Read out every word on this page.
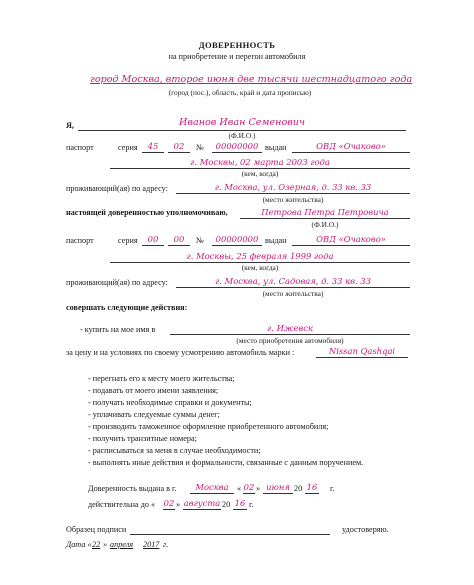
ДОВЕРЕННОСТЬ
на приобретение и перегон автомобиля
город Москва, второе июня две тысячи шестнадцатого года
(город (пос.), область, край и дата прописью)
Я,	Иванов Иван Семенович
(Ф.И.О.)
паспорт	серия	45	02	№	00000000 выдан	ОВД «Очаково»
г. Москвы, 02 марта 2003 года
(кем, когда)
проживающий(ая) по адресу:	г. Москва, ул. Озерная, д. 33 кв. 33
(место жительства)
настоящей доверенностью уполномочиваю,	Петрова Петра Петровича
(Ф.И.О.)
паспорт	серия	00	00	№	00000000 выдан	ОВД «Очаково»
г. Москвы, 25 февраля 1999 года
(кем, когда)
проживающий(ая) по адресу:	г. Москва, ул. Садовая, д. 33 кв. 33
(место жительства)
совершать следующие действия:
- купить на мое имя в	г. Ижевск
(место приобретения автомобиля)
за цену и на условиях по своему усмотрению автомобиль марки :	Nissan Qashqai
- перегнать его к месту моего жительства;
- подавать от моего имени заявления;
- получать необходимые справки и документы;
- уплачивать следуемые суммы денег;
- производить таможенное оформление приобретенного автомобиля;
- получить транзитные номера;
- расписываться за меня в случае необходимости;
- выполнять иные действия и формальности, связанные с данным поручением.
Доверенность выдана в г.	Москва	« 02 » июня 20 16 г.
действительна до « 02 » августа 20 16 г.
Образец подписи	удостоверяю.
Дата « 22 » апреля 2017 г.
